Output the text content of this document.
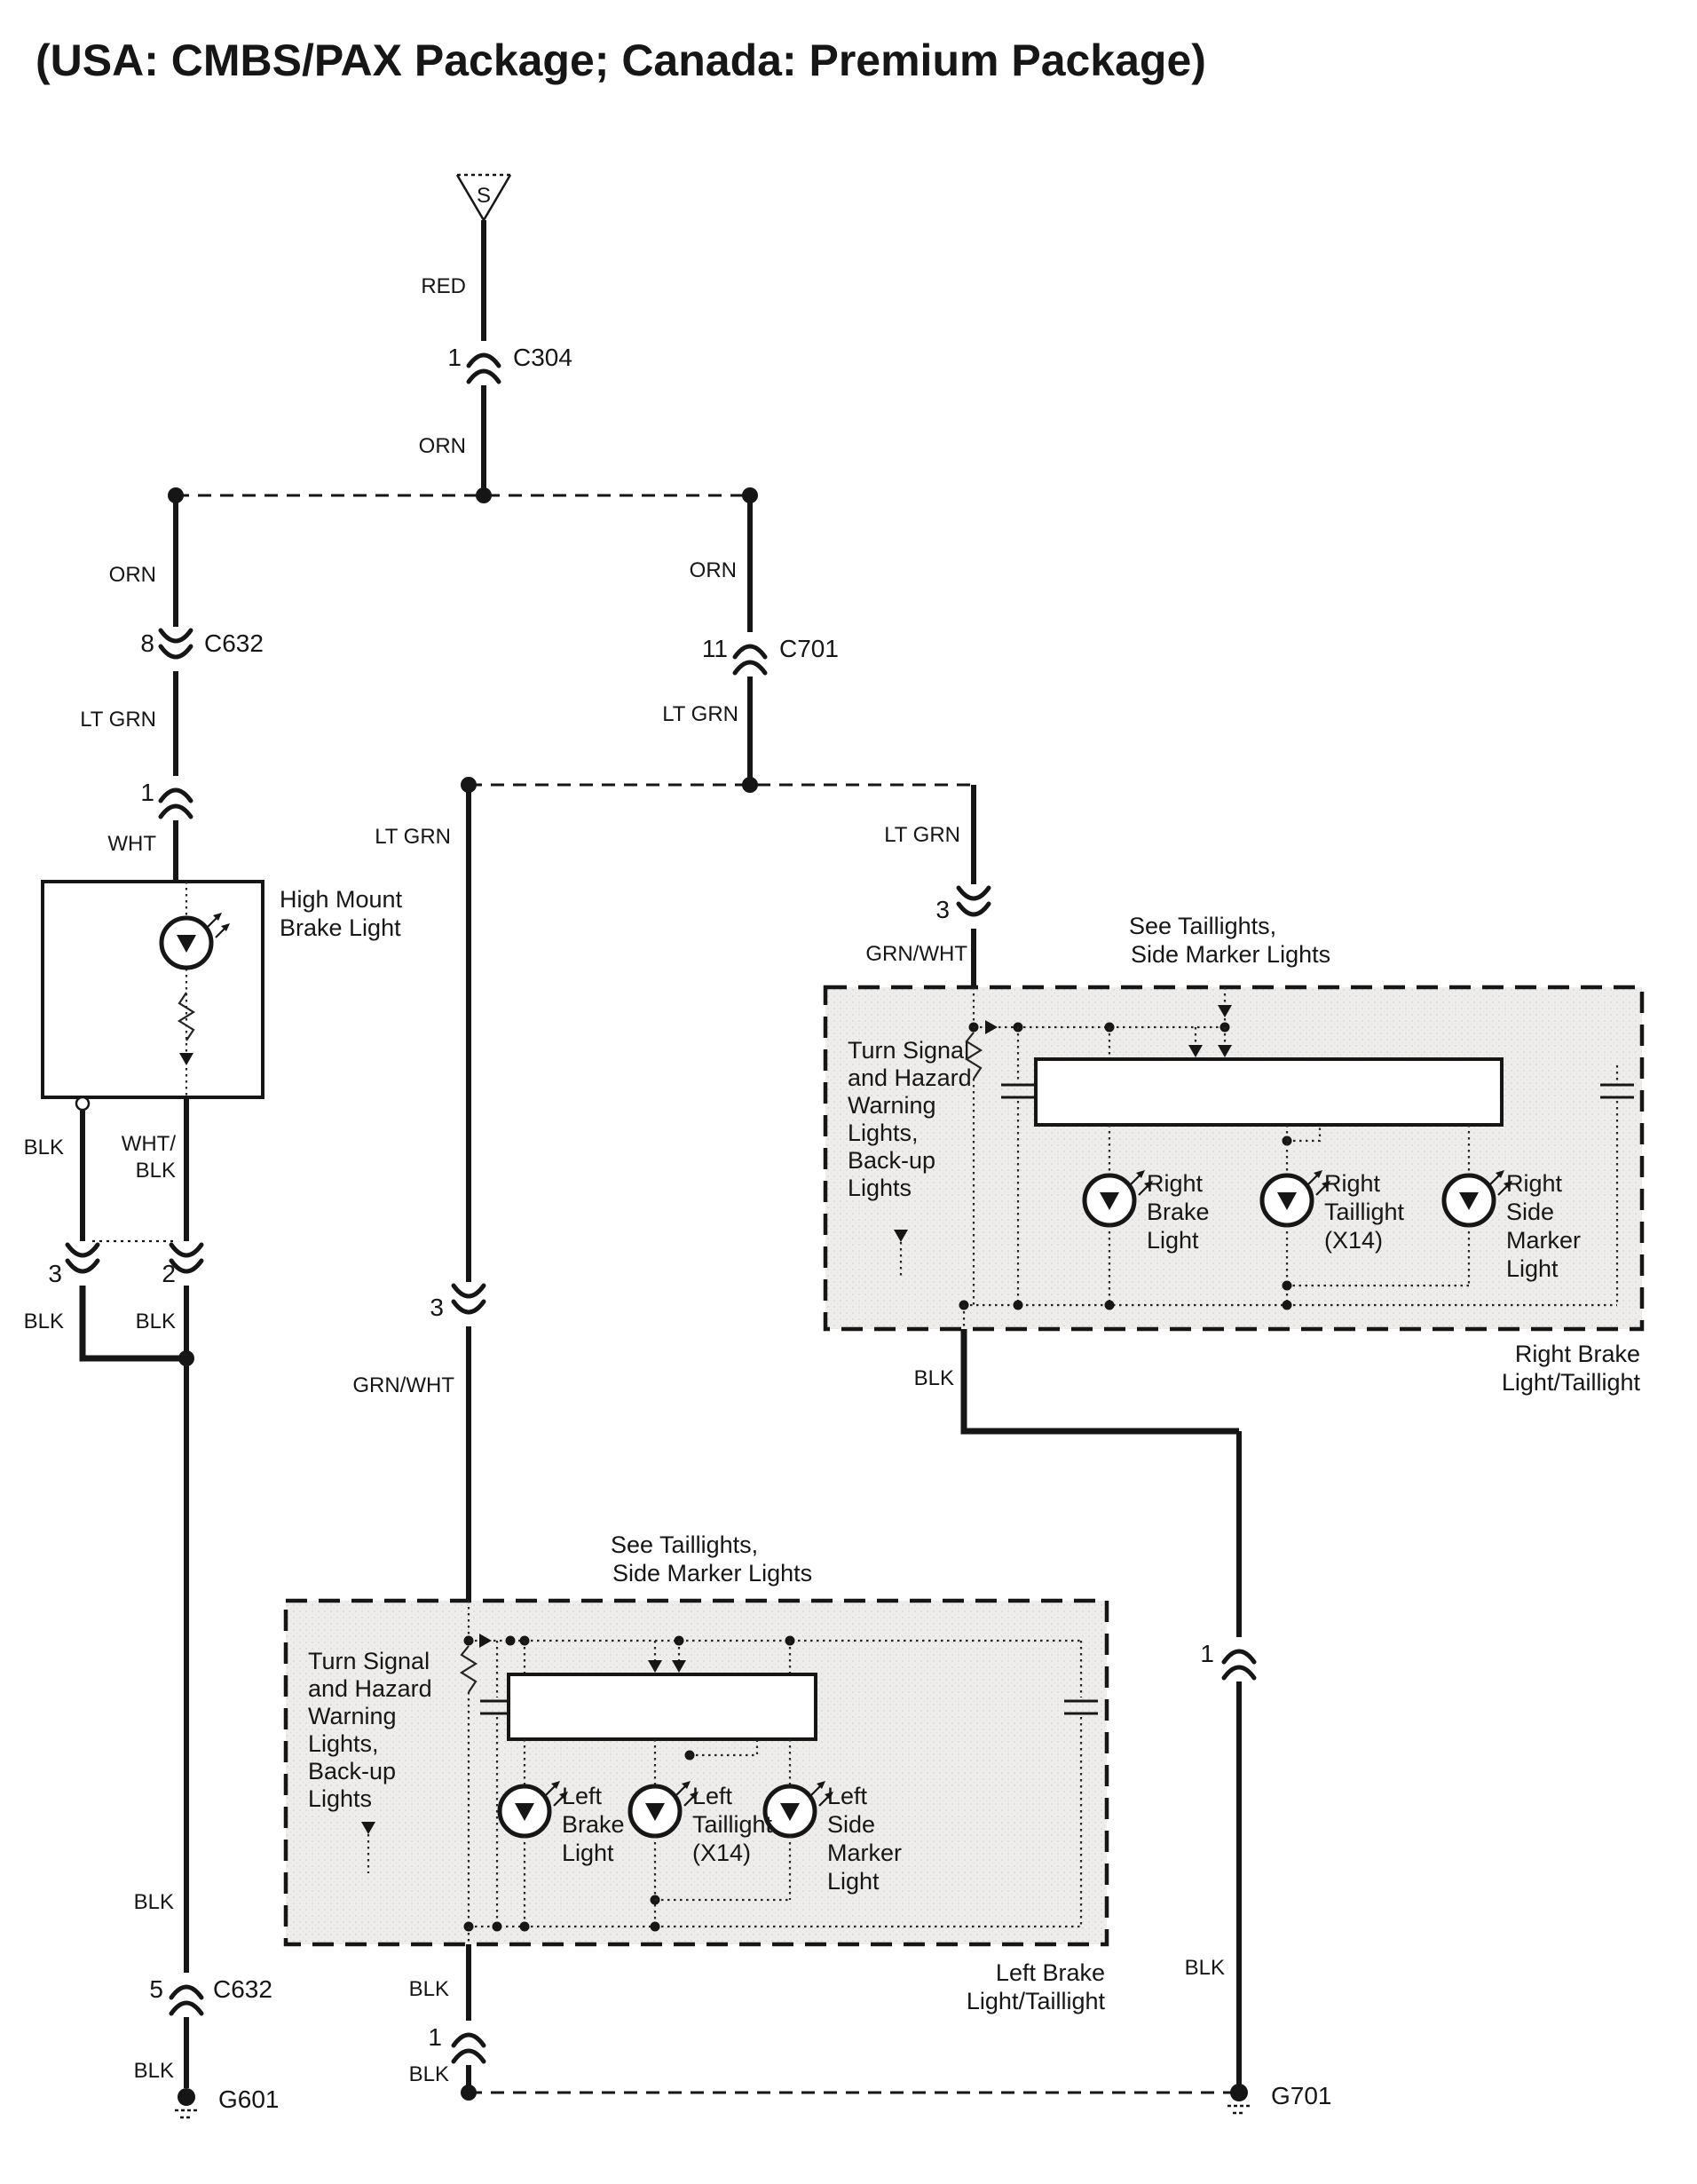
(USA: CMBS/PAX Package; Canada: Premium Package)
S
RED
1 C304
ORN
ORN
8 C632
LT GRN
1
WHT
High Mount
Brake Light
BLK	WHT/
BLK
3	2
BLK	BLK
BLK
5 C632
BLK
G601
ORN
11 C701
LT GRN
LT GRN
3
GRN/WHT
See Taillights,
Side Marker Lights
Turn Signal
and Hazard
Warning
Lights,
Back-up
Lights	Left
Brake
Light
Left
Taillight
(X14)
Left
Side
Marker
Light
Left Brake
Light/Taillight
BLK
1
BLK
LT GRN
3
GRN/WHT
See Taillights,
Side Marker Lights
Turn Signal
and Hazard
Warning
Lights,
Back-up
Lights	Right
Brake
Light
Right
Taillight
(X14)
Right
Side
Marker
Light
Right Brake
Light/Taillight
BLK
1
BLK
G701
